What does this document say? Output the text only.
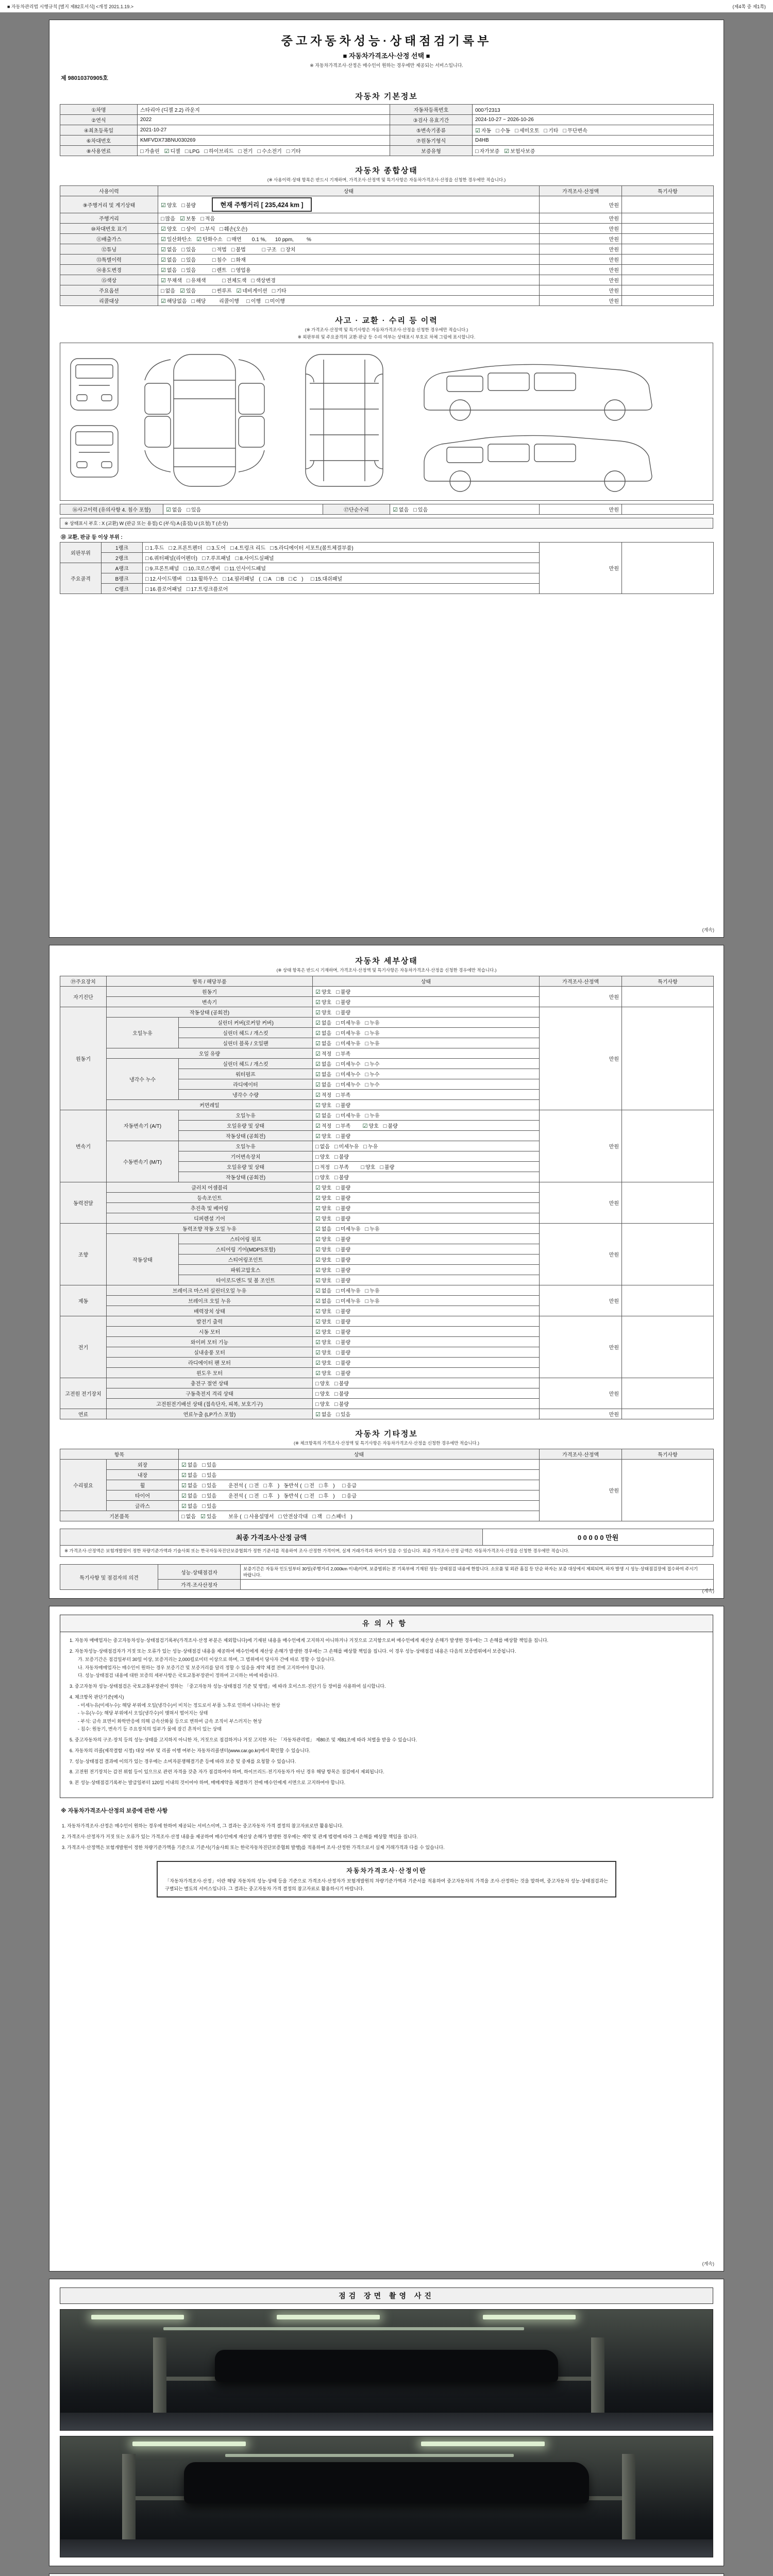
■ 자동차관리법 시행규칙 [별지 제82호서식] <개정 2021.1.19.>	(제4쪽 중 제1쪽)
중고자동차성능·상태점검기록부
■ 자동차가격조사·산정 선택 ■
※ 자동차가격조사·산정은 매수인이 원하는 경우에만 제공되는 서비스입니다.
제 98010370905호
자동차 기본정보
①차명	스타리아 (디젤 2.2) 라운지	자동차등록번호	000가2313
②연식	2022	③검사 유효기간	2024-10-27 ~ 2026-10-26
④최초등록일	2021-10-27	⑤변속기종류	☑ 자동 □ 수동 □ 세미오토 □ 기타 □ 무단변속
⑥차대번호	KMFVDX73BNU030269	⑦원동기형식	D4HB
⑧사용연료	□ 가솔린 ☑ 디젤 □ LPG □ 하이브리드 □ 전기 □ 수소전기 □ 기타	보증유형	□ 자가보증 ☑ 보험사보증
자동차 종합상태
(※ 사용이력·상태 항목은 반드시 기재하며, 가격조사·산정액 및 특기사항은 자동차가격조사·산정을 신청한 경우에만 적습니다.)
사용이력	상태	가격조사·산정액	특기사항
⑨주행거리 및 계기상태	☑ 양호 □ 불량 현재 주행거리 [ 235,424 km ]	만원	
주행거리	□ 많음 ☑ 보통 □ 적음	만원	
⑩차대번호 표기	☑ 양호 □ 상이 □ 부식 □ 훼손(오손)	만원	
⑪배출가스	☑ 일산화탄소 ☑ 탄화수소 □ 매연    0.1 %,      10 ppm,         %	만원	
⑫튜닝	☑ 없음 □ 있음 □ 적법 □ 불법 □ 구조 □ 장치	만원	
⑬특별이력	☑ 없음 □ 있음 □ 침수 □ 화재	만원	
⑭용도변경	☑ 없음 □ 있음 □ 렌트 □ 영업용	만원	
⑮색상	☑ 무채색 □ 유채색 □ 전체도색 □ 색상변경	만원	
주요옵션	□ 없음 ☑ 있음 □ 썬루프 ☑ 네비게이션 □ 기타	만원	
리콜대상	☑ 해당없음 □ 해당      리콜이행   □ 이행 □ 미이행	만원	
사고 · 교환 · 수리 등 이력
(※ 가격조사·산정액 및 특기사항은 자동차가격조사·산정을 신청한 경우에만 적습니다.)
※ 외판부위 및 주요골격의 교환·판금 등 수리 여부는 상태표시 부호로 차체 그림에 표시합니다.
⑯사고이력 (유의사항 4. 침수 포함)	☑ 없음 □ 있음	⑰단순수리	☑ 없음 □ 있음	만원	
※ 상태표시 부호 : X (교환) W (판금 또는 용접) C (부식) A (흠집) U (요철) T (손상)
⑱ 교환, 판금 등 이상 부위 :
외판부위	1랭크	□ 1.후드 □ 2.프론트펜더 □ 3.도어 □ 4.트렁크 리드 □ 5.라디에이터 서포트(볼트체결부품)	만원	
	2랭크	□ 6.쿼터패널(리어펜더) □ 7.루프패널 □ 8.사이드실패널		
주요골격	A랭크	□ 9.프론트패널 □ 10.크로스멤버 □ 11.인사이드패널		
	B랭크	□ 12.사이드멤버 □ 13.휠하우스 □ 14.필러패널 ( □ A □ B □ C )   □ 15.대쉬패널		
	C랭크	□ 16.플로어패널 □ 17.트렁크플로어		
(계속)
자동차 세부상태
(※ 상태 항목은 반드시 기재하며, 가격조사·산정액 및 특기사항은 자동차가격조사·산정을 신청한 경우에만 적습니다.)
⑲주요장치	항목 / 해당부품		상태	가격조사·산정액	특기사항
자기진단	원동기		☑ 양호 □ 불량	만원	
	변속기		☑ 양호 □ 불량		
원동기	작동상태 (공회전)		☑ 양호 □ 불량	만원	
	오일누유	실린더 커버(로커암 커버)	☑ 없음 □ 미세누유 □ 누유		
		실린더 헤드 / 개스킷	☑ 없음 □ 미세누유 □ 누유		
		실린더 블록 / 오일팬	☑ 없음 □ 미세누유 □ 누유		
	오일 유량		☑ 적정 □ 부족		
	냉각수 누수	실린더 헤드 / 개스킷	☑ 없음 □ 미세누수 □ 누수		
		워터펌프	☑ 없음 □ 미세누수 □ 누수		
		라디에이터	☑ 없음 □ 미세누수 □ 누수		
		냉각수 수량	☑ 적정 □ 부족		
	커먼레일		☑ 양호 □ 불량		
변속기	자동변속기 (A/T)	오일누유	☑ 없음 □ 미세누유 □ 누유	만원	
		오일유량 및 상태	☑ 적정 □ 부족 ☑ 양호 □ 불량		
		작동상태 (공회전)	☑ 양호 □ 불량		
	수동변속기 (M/T)	오일누유	□ 없음 □ 미세누유 □ 누유		
		기어변속장치	□ 양호 □ 불량		
		오일유량 및 상태	□ 적정 □ 부족 □ 양호 □ 불량		
		작동상태 (공회전)	□ 양호 □ 불량		
동력전달	클러치 어셈블리		☑ 양호 □ 불량	만원	
	등속조인트		☑ 양호 □ 불량		
	추진축 및 베어링		☑ 양호 □ 불량		
	디퍼렌셜 기어		☑ 양호 □ 불량		
조향	동력조향 작동 오일 누유		☑ 없음 □ 미세누유 □ 누유	만원	
	작동상태	스티어링 펌프	☑ 양호 □ 불량		
		스티어링 기어(MDPS포함)	☑ 양호 □ 불량		
		스티어링조인트	☑ 양호 □ 불량		
		파워고압호스	☑ 양호 □ 불량		
		타이로드엔드 및 볼 조인트	☑ 양호 □ 불량		
제동	브레이크 마스터 실린더오일 누유		☑ 없음 □ 미세누유 □ 누유	만원	
	브레이크 오일 누유		☑ 없음 □ 미세누유 □ 누유		
	배력장치 상태		☑ 양호 □ 불량		
전기	발전기 출력		☑ 양호 □ 불량	만원	
	시동 모터		☑ 양호 □ 불량		
	와이퍼 모터 기능		☑ 양호 □ 불량		
	실내송풍 모터		☑ 양호 □ 불량		
	라디에이터 팬 모터		☑ 양호 □ 불량		
	윈도우 모터		☑ 양호 □ 불량		
고전원 전기장치	충전구 절연 상태		□ 양호 □ 불량	만원	
	구동축전지 격리 상태		□ 양호 □ 불량		
	고전원전기배선 상태 (접속단자, 피복, 보호기구)		□ 양호 □ 불량		
연료	연료누출 (LP가스 포함)		☑ 없음 □ 있음	만원	
자동차 기타정보
(※ 체크항목의 가격조사·산정액 및 특기사항은 자동차가격조사·산정을 신청한 경우에만 적습니다.)
항목		상태	가격조사·산정액	특기사항
수리필요	외장	☑ 없음 □ 있음	만원	
	내장	☑ 없음 □ 있음		
	휠	☑ 없음 □ 있음     운전석 ( □ 전 □ 후 )   동반석 ( □ 전 □ 후 )   □ 응급		
	타이어	☑ 없음 □ 있음     운전석 ( □ 전 □ 후 )   동반석 ( □ 전 □ 후 )   □ 응급		
	글라스	☑ 없음 □ 있음		
기본품목		□ 없음 ☑ 있음     보유 ( □ 사용설명서 □ 안전삼각대 □ 잭 □ 스패너 )		
최종 가격조사·산정 금액	0 0 0 0 0 만원
※ 가격조사·산정액은 보험개발원이 정한 차량기준가액과 기술사회 또는 한국자동차진단보증협회가 정한 기준서를 적용하여 조사·산정한 가격이며, 실제 거래가격과 차이가 있을 수 있습니다. 최종 가격조사·산정 금액은 자동차가격조사·산정을 신청한 경우에만 적습니다.
특기사항 및 점검자의 의견	성능·상태점검자	보증기간은 자동차 인도일부터 30일(주행거리 2,000km 이내)이며, 보증범위는 본 기록부에 기재된 성능·상태점검 내용에 한합니다. 소모품 및 외관 흠집 등 단순 하자는 보증 대상에서 제외되며, 하자 발생 시 성능·상태점검장에 접수하여 주시기 바랍니다.
	가격·조사산정자	
(계속)
유의사항
1. 자동차 매매업자는 중고자동차성능·상태점검기록부(가격조사·산정 부분은 제외합니다)에 기재된 내용을 매수인에게 고지하지 아니하거나 거짓으로 고지함으로써 매수인에게 재산상 손해가 발생한 경우에는 그 손해를 배상할 책임을 집니다.
2. 자동차성능·상태점검자가 거짓 또는 오류가 있는 성능·상태점검 내용을 제공하여 매수인에게 재산상 손해가 발생한 경우에는 그 손해를 배상할 책임을 집니다. 이 경우 성능·상태점검 내용은 다음의 보증범위에서 보증됩니다.
가. 보증기간은 점검일부터 30일 이상, 보증거리는 2,000킬로미터 이상으로 하며, 그 범위에서 당사자 간에 따로 정할 수 있습니다.
나. 자동차매매업자는 매수인이 원하는 경우 보증기간 및 보증거리를 달리 정할 수 있음을 계약 체결 전에 고지하여야 합니다.
다. 성능·상태점검 내용에 대한 보증의 세부사항은 국토교통부장관이 정하여 고시하는 바에 따릅니다.
3. 중고자동차 성능·상태점검은 국토교통부장관이 정하는 「중고자동차 성능·상태점검 기준 및 방법」에 따라 호이스트·진단기 등 장비를 사용하여 실시합니다.
4. 체크항목 판단기준(예시)
- 미세누유(미세누수): 해당 부위에 오일(냉각수)이 비치는 정도로서 부품 노후로 인하여 나타나는 현상
- 누유(누수): 해당 부위에서 오일(냉각수)이 맺혀서 떨어지는 상태
- 부식: 금속 표면이 화학반응에 의해 금속산화물 등으로 변하여 금속 조직이 부스러지는 현상
- 침수: 원동기, 변속기 등 주요장치의 일부가 물에 잠긴 흔적이 있는 상태
5. 중고자동차의 구조·장치 등의 성능·상태를 고지하지 아니한 자, 거짓으로 점검하거나 거짓 고지한 자는 「자동차관리법」 제80조 및 제81조에 따라 처벌을 받을 수 있습니다.
6. 자동차의 리콜(제작결함 시정) 대상 여부 및 리콜 이행 여부는 자동차리콜센터(www.car.go.kr)에서 확인할 수 있습니다.
7. 성능·상태점검 결과에 이의가 있는 경우에는 소비자분쟁해결기준 등에 따라 보증 및 중재를 요청할 수 있습니다.
8. 고전원 전기장치는 감전 위험 등이 있으므로 관련 자격을 갖춘 자가 점검하여야 하며, 하이브리드·전기자동차가 아닌 경우 해당 항목은 점검에서 제외됩니다.
9. 본 성능·상태점검기록부는 발급일부터 120일 이내의 것이어야 하며, 매매계약을 체결하기 전에 매수인에게 서면으로 고지하여야 합니다.
※ 자동차가격조사·산정의 보증에 관한 사항
1. 자동차가격조사·산정은 매수인이 원하는 경우에 한하여 제공되는 서비스이며, 그 결과는 중고자동차 가격 결정의 참고자료로만 활용됩니다.
2. 가격조사·산정자가 거짓 또는 오류가 있는 가격조사·산정 내용을 제공하여 매수인에게 재산상 손해가 발생한 경우에는 계약 및 관계 법령에 따라 그 손해를 배상할 책임을 집니다.
3. 가격조사·산정액은 보험개발원이 정한 차량기준가액을 기준으로 기준서(기술사회 또는 한국자동차진단보증협회 발행)를 적용하여 조사·산정한 가격으로서 실제 거래가격과 다를 수 있습니다.
자동차가격조사·산정이란
「자동차가격조사·산정」이란 해당 자동차의 성능·상태 등을 기준으로 가격조사·산정자가 보험개발원의 차량기준가액과 기준서를 적용하여 중고자동차의 가격을 조사·산정하는 것을 말하며, 중고자동차 성능·상태점검과는 구별되는 별도의 서비스입니다. 그 결과는 중고자동차 가격 결정의 참고자료로 활용하시기 바랍니다.
(계속)
점검 장면 촬영 사진
